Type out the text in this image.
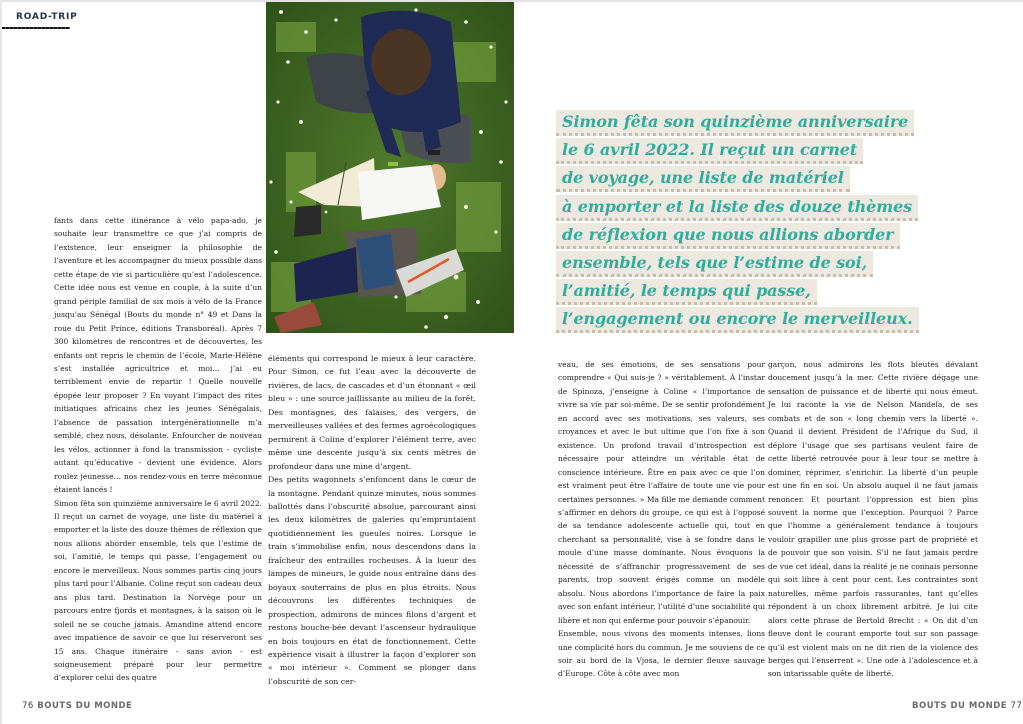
ROAD-TRIP
Simon fêta son quinzième anniversaire
le 6 avril 2022. Il reçut un carnet
de voyage, une liste de matériel
à emporter et la liste des douze thèmes
de réflexion que nous allions aborder
ensemble, tels que l’estime de soi,
l’amitié, le temps qui passe,
l’engagement ou encore le merveilleux.

fants dans cette itinérance à vélo papa-ado, je souhaite leur transmettre ce que j’ai compris de l’existence, leur enseigner la philosophie de l’aventure et les accompagner du mieux possible dans cette étape de vie si particulière qu’est l’adolescence. Cette idée nous est venue en couple, à la suite d’un grand périple familial de six mois à vélo de la France jusqu’au Sénégal (Bouts du monde n° 49 et Dans la roue du Petit Prince, éditions Transboréal). Après 7 300 kilomètres de rencontres et de découvertes, les enfants ont repris le chemin de l’école, Marie-Hélène s’est installée agricultrice et moi… j’ai eu terriblement envie de repartir ! Quelle nouvelle épopée leur proposer ? En voyant l’impact des rites initiatiques africains chez les jeunes Sénégalais, l’absence de passation intergénérationnelle m’a semblé, chez nous, désolante. Enfourcher de nouveau les vélos, actionner à fond la transmission - cycliste autant qu’éducative - devient une évidence. Alors roulez jeunesse… nos rendez-vous en terre méconnue étaient lancés !

Simon fêta son quinzième anniversaire le 6 avril 2022. Il reçut un carnet de voyage, une liste du matériel à emporter et la liste des douze thèmes de réflexion que nous allions aborder ensemble, tels que l’estime de soi, l’amitié, le temps qui passe, l’engagement ou encore le merveilleux. Nous sommes partis cinq jours plus tard pour l’Albanie. Coline reçut son cadeau deux ans plus tard. Destination la Norvège pour un parcours entre fjords et montagnes, à la saison où le soleil ne se couche jamais. Amandine attend encore avec impatience de savoir ce que lui réserveront ses 15 ans. Chaque itinéraire - sans avion - est soigneusement préparé pour leur permettre d’explorer celui des quatre

éléments qui correspond le mieux à leur caractère. Pour Simon, ce fut l’eau avec la découverte de rivières, de lacs, de cascades et d’un étonnant « œil bleu » : une source jaillissante au milieu de la forêt. Des montagnes, des falaises, des vergers, de merveilleuses vallées et des fermes agroécologiques permirent à Coline d’explorer l’élément terre, avec même une descente jusqu’à six cents mètres de profondeur dans une mine d’argent.

Des petits wagonnets s’enfoncent dans le cœur de la montagne. Pendant quinze minutes, nous sommes ballottés dans l’obscurité absolue, parcourant ainsi les deux kilomètres de galeries qu’empruntaient quotidiennement les gueules noires. Lorsque le train s’immobilise enfin, nous descendons dans la fraîcheur des entrailles rocheuses. À la lueur des lampes de mineurs, le guide nous entraîne dans des boyaux souterrains de plus en plus étroits. Nous découvrons les différentes techniques de prospection, admirons de minces filons d’argent et restons bouche-bée devant l’ascenseur hydraulique en bois toujours en état de fonctionnement. Cette expérience visait à illustrer la façon d’explorer son « moi intérieur ». Comment se plonger dans l’obscurité de son cer-

veau, de ses émotions, de ses sensations pour comprendre « Qui suis-je ? » véritablement. À l’instar de Spinoza, j’enseigne à Coline « l’importance de vivre sa vie par soi-même. De se sentir profondément en accord avec ses motivations, ses valeurs, ses croyances et avec le but ultime que l’on fixe à son existence. Un profond travail d’introspection est nécessaire pour atteindre un véritable état de conscience intérieure. Être en paix avec ce que l’on est vraiment peut être l’affaire de toute une vie pour certaines personnes. » Ma fille me demande comment s’affirmer en dehors du groupe, ce qui est à l’opposé de sa tendance adolescente actuelle qui, tout en cherchant sa personnalité, vise à se fondre dans le moule d’une masse dominante. Nous évoquons la nécessité de s’affranchir progressivement de ses parents, trop souvent érigés comme un modèle absolu. Nous abordons l’importance de faire la paix avec son enfant intérieur, l’utilité d’une sociabilité qui libère et non qui enferme pour pouvoir s’épanouir.

Ensemble, nous vivons des moments intenses, lions une complicité hors du commun. Je me souviens de ce soir au bord de la Vjosa, le dernier fleuve sauvage d’Europe. Côte à côte avec mon

garçon, nous admirons les flots bleutés dévalant doucement jusqu’à la mer. Cette rivière dégage une sensation de puissance et de liberté qui nous émeut. Je lui raconte la vie de Nelson Mandela, de ses combats et de son « long chemin vers la liberté ». Quand il devient Président de l’Afrique du Sud, il déplore l’usage que ses partisans veulent faire de cette liberté retrouvée pour à leur tour se mettre à dominer, réprimer, s’enrichir. La liberté d’un peuple est une fin en soi. Un absolu auquel il ne faut jamais renoncer. Et pourtant l’oppression est bien plus souvent la norme que l’exception. Pourquoi ? Parce que l’homme a généralement tendance à toujours vouloir grapiller une plus grosse part de propriété et de pouvoir que son voisin. S’il ne faut jamais perdre de vue cet idéal, dans la réalité je ne connais personne qui soit libre à cent pour cent. Les contraintes sont naturelles, même parfois rassurantes, tant qu’elles répondent à un choix librement arbitré. Je lui cite alors cette phrase de Bertold Brecht : « On dit d’un fleuve dont le courant emporte tout sur son passage qu’il est violent mais on ne dit rien de la violence des berges qui l’enserrent ». Une ode à l’adolescence et à son intarissable quête de liberté.

76 BOUTS DU MONDE	BOUTS DU MONDE 77
